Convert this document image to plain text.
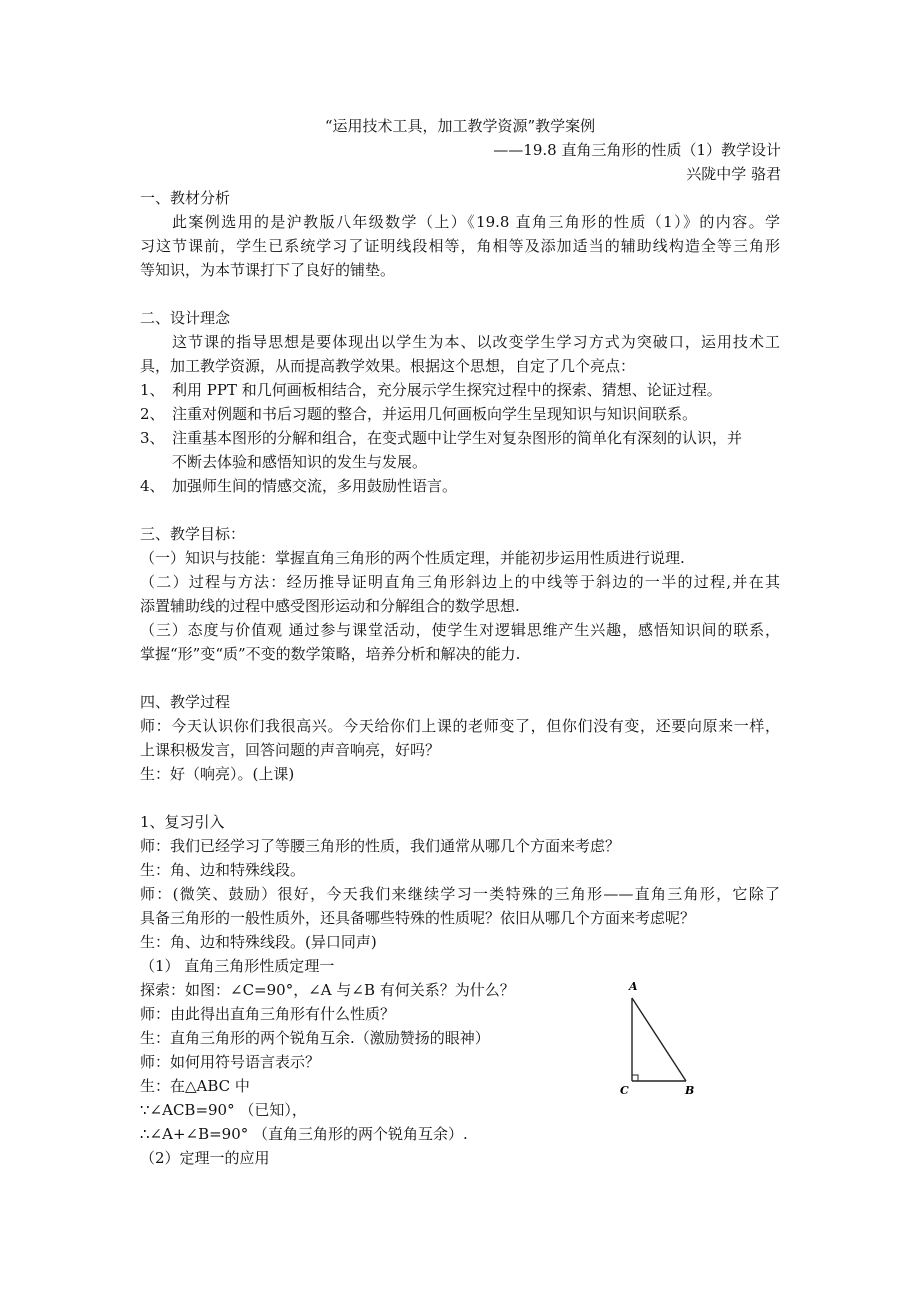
“运用技术工具，加工教学资源”教学案例
——19.8 直角三角形的性质（1）教学设计
兴陇中学 骆君
一、教材分析
此案例选用的是沪教版八年级数学（上）《19.8 直角三角形的性质（1）》的内容。学
习这节课前，学生已系统学习了证明线段相等，角相等及添加适当的辅助线构造全等三角形
等知识，为本节课打下了良好的铺垫。
二、设计理念
这节课的指导思想是要体现出以学生为本、以改变学生学习方式为突破口，运用技术工
具，加工教学资源，从而提高教学效果。根据这个思想，自定了几个亮点：
1、 利用 PPT 和几何画板相结合，充分展示学生探究过程中的探索、猜想、论证过程。
2、 注重对例题和书后习题的整合，并运用几何画板向学生呈现知识与知识间联系。
3、 注重基本图形的分解和组合，在变式题中让学生对复杂图形的简单化有深刻的认识，并
不断去体验和感悟知识的发生与发展。
4、 加强师生间的情感交流，多用鼓励性语言。
三、教学目标：
（一）知识与技能：掌握直角三角形的两个性质定理，并能初步运用性质进行说理.
（二）过程与方法：经历推导证明直角三角形斜边上的中线等于斜边的一半的过程,并在其
添置辅助线的过程中感受图形运动和分解组合的数学思想.
（三）态度与价值观 通过参与课堂活动，使学生对逻辑思维产生兴趣，感悟知识间的联系，
掌握“形”变“质”不变的数学策略，培养分析和解决的能力.
四、教学过程
师：今天认识你们我很高兴。今天给你们上课的老师变了，但你们没有变，还要向原来一样，
上课积极发言，回答问题的声音响亮，好吗？
生：好（响亮）。(上课)
1、复习引入
师：我们已经学习了等腰三角形的性质，我们通常从哪几个方面来考虑？
生：角、边和特殊线段。
师：(微笑、鼓励）很好，今天我们来继续学习一类特殊的三角形——直角三角形，它除了
具备三角形的一般性质外，还具备哪些特殊的性质呢？依旧从哪几个方面来考虑呢？
生：角、边和特殊线段。(异口同声)
（1） 直角三角形性质定理一
探索：如图：∠C=90°，∠A 与∠B 有何关系？为什么？
师：由此得出直角三角形有什么性质？
生：直角三角形的两个锐角互余.（激励赞扬的眼神）
师：如何用符号语言表示？
生：在△ABC 中
∵∠ACB=90° （已知），
∴∠A+∠B=90° （直角三角形的两个锐角互余）.
（2）定理一的应用
A
C	B
